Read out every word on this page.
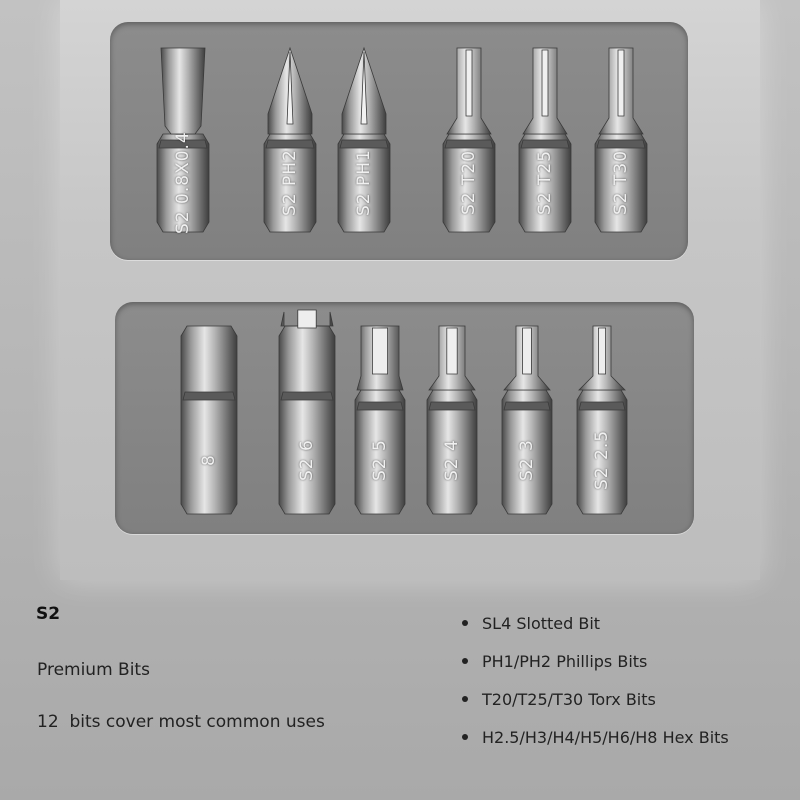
S2 0.8X0.4	S2 PH2	S2 PH1	S2 T20	S2 T25	S2 T30
8	S2 6	S2 5	S2 4	S2 3	S2 2.5
S2
Premium Bits
12  bits cover most common uses
SL4 Slotted Bit
PH1/PH2 Phillips Bits
T20/T25/T30 Torx Bits
H2.5/H3/H4/H5/H6/H8 Hex Bits
